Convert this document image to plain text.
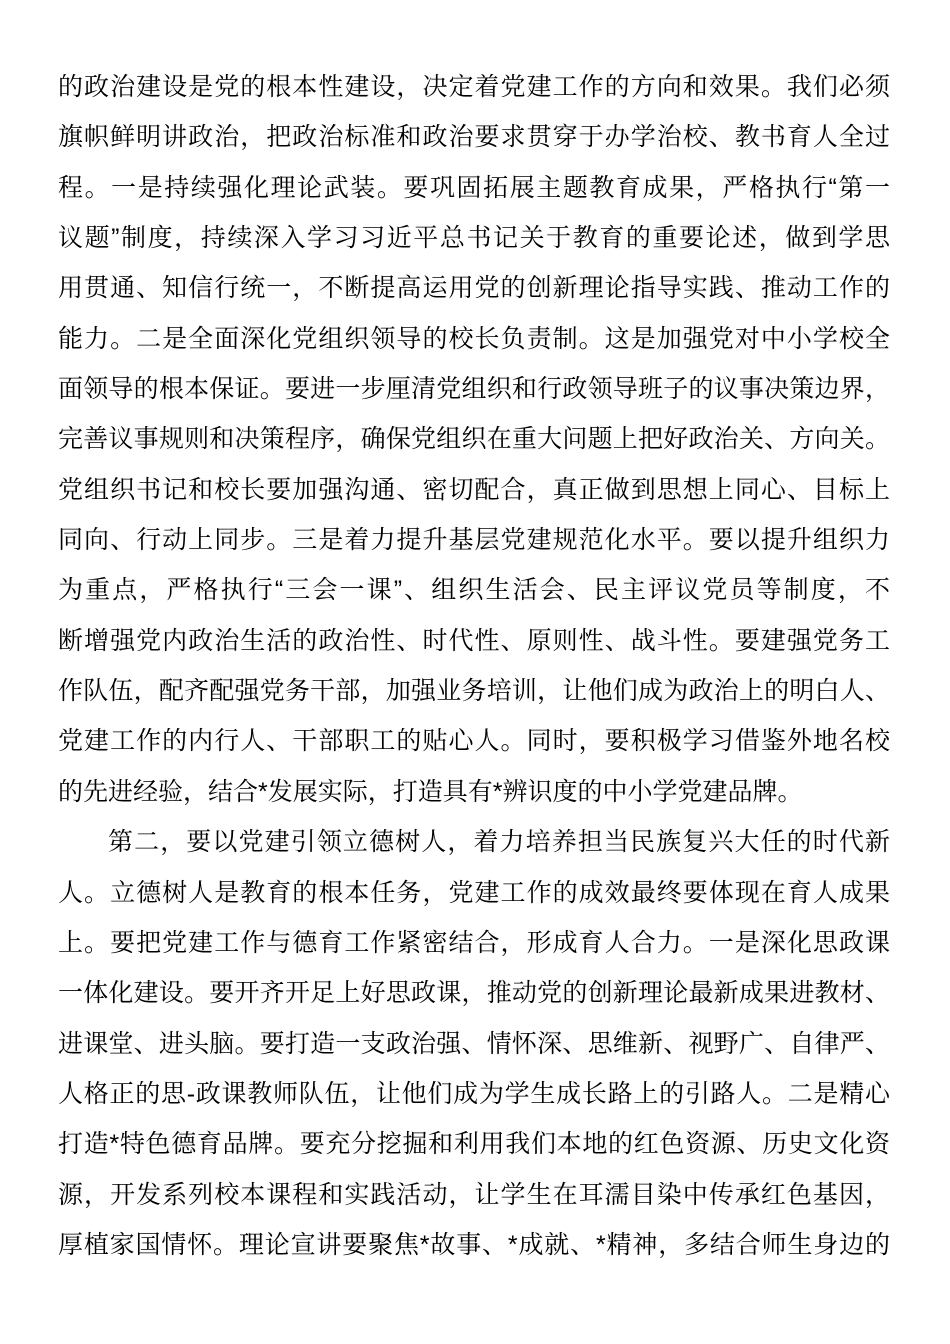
的政治建设是党的根本性建设，决定着党建工作的方向和效果。我们必须
旗帜鲜明讲政治，把政治标准和政治要求贯穿于办学治校、教书育人全过
程。一是持续强化理论武装。要巩固拓展主题教育成果，严格执行“第一
议题”制度，持续深入学习习近平总书记关于教育的重要论述，做到学思
用贯通、知信行统一，不断提高运用党的创新理论指导实践、推动工作的
能力。二是全面深化党组织领导的校长负责制。这是加强党对中小学校全
面领导的根本保证。要进一步厘清党组织和行政领导班子的议事决策边界，
完善议事规则和决策程序，确保党组织在重大问题上把好政治关、方向关。
党组织书记和校长要加强沟通、密切配合，真正做到思想上同心、目标上
同向、行动上同步。三是着力提升基层党建规范化水平。要以提升组织力
为重点，严格执行“三会一课”、组织生活会、民主评议党员等制度，不
断增强党内政治生活的政治性、时代性、原则性、战斗性。要建强党务工
作队伍，配齐配强党务干部，加强业务培训，让他们成为政治上的明白人、
党建工作的内行人、干部职工的贴心人。同时，要积极学习借鉴外地名校
的先进经验，结合*发展实际，打造具有*辨识度的中小学党建品牌。
第二，要以党建引领立德树人，着力培养担当民族复兴大任的时代新
人。立德树人是教育的根本任务，党建工作的成效最终要体现在育人成果
上。要把党建工作与德育工作紧密结合，形成育人合力。一是深化思政课
一体化建设。要开齐开足上好思政课，推动党的创新理论最新成果进教材、
进课堂、进头脑。要打造一支政治强、情怀深、思维新、视野广、自律严、
人格正的思-政课教师队伍，让他们成为学生成长路上的引路人。二是精心
打造*特色德育品牌。要充分挖掘和利用我们本地的红色资源、历史文化资
源，开发系列校本课程和实践活动，让学生在耳濡目染中传承红色基因，
厚植家国情怀。理论宣讲要聚焦*故事、*成就、*精神，多结合师生身边的
